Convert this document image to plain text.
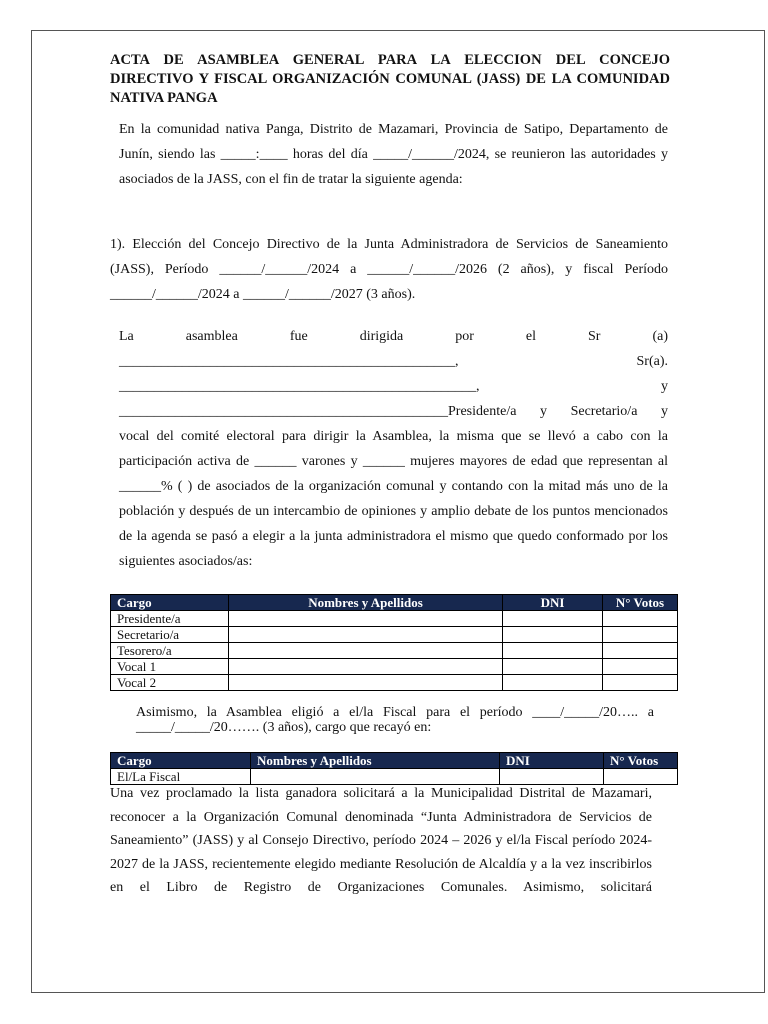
ACTA DE ASAMBLEA GENERAL PARA LA ELECCION DEL CONCEJO DIRECTIVO Y FISCAL ORGANIZACIÓN COMUNAL (JASS) DE LA COMUNIDAD NATIVA PANGA

En la comunidad nativa Panga, Distrito de Mazamari, Provincia de Satipo, Departamento de Junín, siendo las _____:____ horas del día _____/______/2024, se reunieron las autoridades y asociados de la JASS, con el fin de tratar la siguiente agenda:

1). Elección del Concejo Directivo de la Junta Administradora de Servicios de Saneamiento (JASS), Período ______/______/2024 a ______/______/2026 (2 años), y fiscal Período ______/______/2024 a ______/______/2027 (3 años).

La asamblea fue dirigida por el Sr (a)
________________________________________________,	Sr(a).
___________________________________________________,	y
_______________________________________________ Presidente/a y Secretario/a y
vocal del comité electoral para dirigir la Asamblea, la misma que se llevó a cabo con la participación activa de ______ varones y ______ mujeres mayores de edad que representan al ______% ( ) de asociados de la organización comunal y contando con la mitad más uno de la población y después de un intercambio de opiniones y amplio debate de los puntos mencionados de la agenda se pasó a elegir a la junta administradora el mismo que quedo conformado por los siguientes asociados/as:
Cargo	Nombres y Apellidos	DNI	N° Votos
Presidente/a			
Secretario/a			
Tesorero/a			
Vocal 1			
Vocal 2			

Asimismo, la Asamblea eligió a el/la Fiscal para el período ____/_____/20….. a _____/_____/20……. (3 años), cargo que recayó en:

Cargo	Nombres y Apellidos	DNI	N° Votos
El/La Fiscal			

Una vez proclamado la lista ganadora solicitará a la Municipalidad Distrital de Mazamari, reconocer a la Organización Comunal denominada “Junta Administradora de Servicios de Saneamiento” (JASS) y al Consejo Directivo, período 2024 – 2026 y el/la Fiscal período 2024-2027 de la JASS, recientemente elegido mediante Resolución de Alcaldía y a la vez inscribirlos en el Libro de Registro de Organizaciones Comunales. Asimismo, solicitará
